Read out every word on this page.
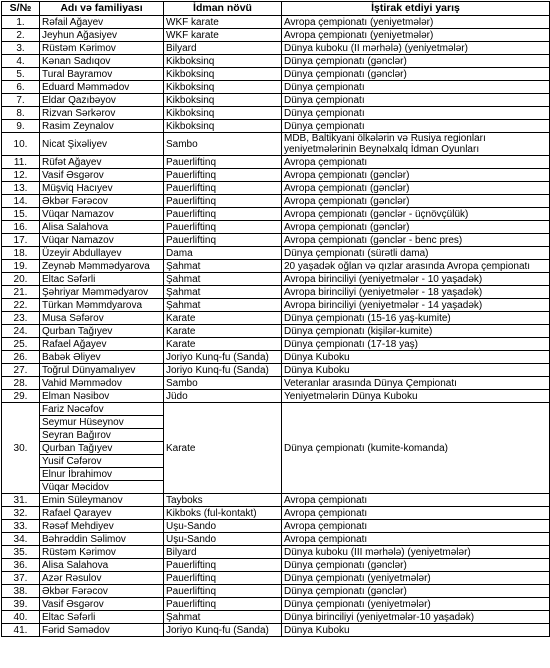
S/№	Adı və familiyası	İdman növü	İştirak etdiyi yarış
1.	Rəfail Ağayev	WKF karate	Avropa çempionatı (yeniyetmələr)
2.	Jeyhun Ağasiyev	WKF karate	Avropa çempionatı (yeniyetmələr)
3.	Rüstəm Kərimov	Bilyard	Dünya kuboku (II mərhələ) (yeniyetmələr)
4.	Kənan Sadıqov	Kikboksinq	Dünya çempionatı (gənclər)
5.	Tural Bayramov	Kikboksinq	Dünya çempionatı (gənclər)
6.	Eduard Məmmədov	Kikboksinq	Dünya çempionatı
7.	Eldar Qazıbəyov	Kikboksinq	Dünya çempionatı
8.	Rizvan Sərkərov	Kikboksinq	Dünya çempionatı
9.	Rasim Zeynalov	Kikboksinq	Dünya çempionatı
10.	Nicat Şixəliyev	Sambo	MDB, Baltikyani ölkələrin və Rusiya regionları yeniyetmələrinin Beynəlxalq İdman Oyunları
11.	Rüfət Ağayev	Pauerliftinq	Avropa çempionatı
12.	Vasif Əsgərov	Pauerliftinq	Avropa çempionatı (gənclər)
13.	Müşviq Hacıyev	Pauerliftinq	Avropa çempionatı (gənclər)
14.	Əkbər Fərəcov	Pauerliftinq	Avropa çempionatı (gənclər)
15.	Vüqar Namazov	Pauerliftinq	Avropa çempionatı (gənclər - üçnövçülük)
16.	Alisa Salahova	Pauerliftinq	Avropa çempionatı (gənclər)
17.	Vüqar Namazov	Pauerliftinq	Avropa çempionatı (gənclər - benc pres)
18.	Üzeyir Abdullayev	Dama	Dünya çempionatı (sürətli dama)
19.	Zeynəb Məmmədyarova	Şahmat	20 yaşadək oğlan və qızlar arasında Avropa çempionatı
20.	Eltac Səfərli	Şahmat	Avropa birinciliyi (yeniyetmələr - 10 yaşadək)
21.	Şəhriyar Məmmədyarov	Şahmat	Avropa birinciliyi (yeniyetmələr - 18 yaşadək)
22.	Türkan Məmmdyarova	Şahmat	Avropa birinciliyi (yeniyetmələr - 14 yaşadək)
23.	Musa Səfərov	Karate	Dünya çempionatı (15-16 yaş-kumite)
24.	Qurban Tağıyev	Karate	Dünya çempionatı (kişilər-kumite)
25.	Rafael Ağayev	Karate	Dünya çempionatı (17-18 yaş)
26.	Babək Əliyev	Joriyo Kunq-fu (Sanda)	Dünya Kuboku
27.	Toğrul Dünyamalıyev	Joriyo Kunq-fu (Sanda)	Dünya Kuboku
28.	Vahid Məmmədov	Sambo	Veteranlar arasında Dünya Çempionatı
29.	Elman Nəsibov	Jüdo	Yeniyetmələrin Dünya Kuboku
30.	Fariz Nəcəfov	Karate	Dünya çempionatı (kumite-komanda)
	Seymur Hüseynov		
	Seyran Bağırov		
	Qurban Tağıyev		
	Yusif Cəfərov		
	Elnur İbrahimov		
	Vüqar Məcidov		
31.	Emin Süleymanov	Tayboks	Avropa çempionatı
32.	Rafael Qarayev	Kikboks (ful-kontakt)	Avropa çempionatı
33.	Rəsəf Mehdiyev	Uşu-Sando	Avropa çempionatı
34.	Bəhrəddin Səlimov	Uşu-Sando	Avropa çempionatı
35.	Rüstəm Kərimov	Bilyard	Dünya kuboku (III mərhələ) (yeniyetmələr)
36.	Alisa Salahova	Pauerliftinq	Dünya çempionatı (gənclər)
37.	Azər Rəsulov	Pauerliftinq	Dünya çempionatı (yeniyetmələr)
38.	Əkbər Fərəcov	Pauerliftinq	Dünya çempionatı (gənclər)
39.	Vasif Əsgərov	Pauerliftinq	Dünya çempionatı (yeniyetmələr)
40.	Eltac Səfərli	Şahmat	Dünya birinciliyi (yeniyetmələr-10 yaşadək)
41.	Fərid Səmədov	Joriyo Kunq-fu (Sanda)	Dünya Kuboku
